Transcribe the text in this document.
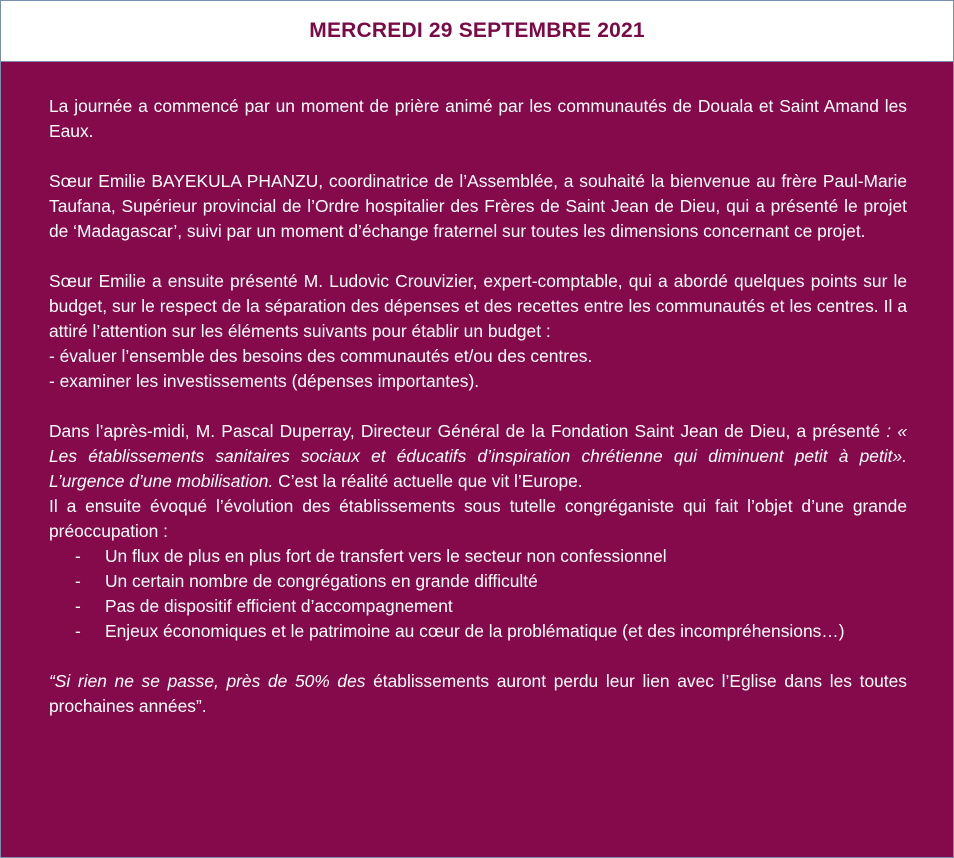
MERCREDI 29 SEPTEMBRE 2021

La journée a commencé par un moment de prière animé par les communautés de Douala et Saint Amand les Eaux.

Sœur Emilie BAYEKULA PHANZU, coordinatrice de l’Assemblée, a souhaité la bienvenue au frère Paul-Marie Taufana, Supérieur provincial de l’Ordre hospitalier des Frères de Saint Jean de Dieu, qui a présenté le projet de ‘Madagascar’, suivi par un moment d’échange fraternel sur toutes les dimensions concernant ce projet.

Sœur Emilie a ensuite présenté M. Ludovic Crouvizier, expert-comptable, qui a abordé quelques points sur le budget, sur le respect de la séparation des dépenses et des recettes entre les communautés et les centres. Il a attiré l’attention sur les éléments suivants pour établir un budget :

- évaluer l’ensemble des besoins des communautés et/ou des centres.
- examiner les investissements (dépenses importantes).

Dans l’après-midi, M. Pascal Duperray, Directeur Général de la Fondation Saint Jean de Dieu, a présenté : « Les établissements sanitaires sociaux et éducatifs d’inspiration chrétienne qui diminuent petit à petit». L’urgence d’une mobilisation. C’est la réalité actuelle que vit l’Europe.

Il a ensuite évoqué l’évolution des établissements sous tutelle congréganiste qui fait l’objet d’une grande préoccupation :

- Un flux de plus en plus fort de transfert vers le secteur non confessionnel
- Un certain nombre de congrégations en grande difficulté
- Pas de dispositif efficient d’accompagnement
- Enjeux économiques et le patrimoine au cœur de la problématique (et des incompréhensions…)

“Si rien ne se passe, près de 50% des établissements auront perdu leur lien avec l’Eglise dans les toutes prochaines années”.
